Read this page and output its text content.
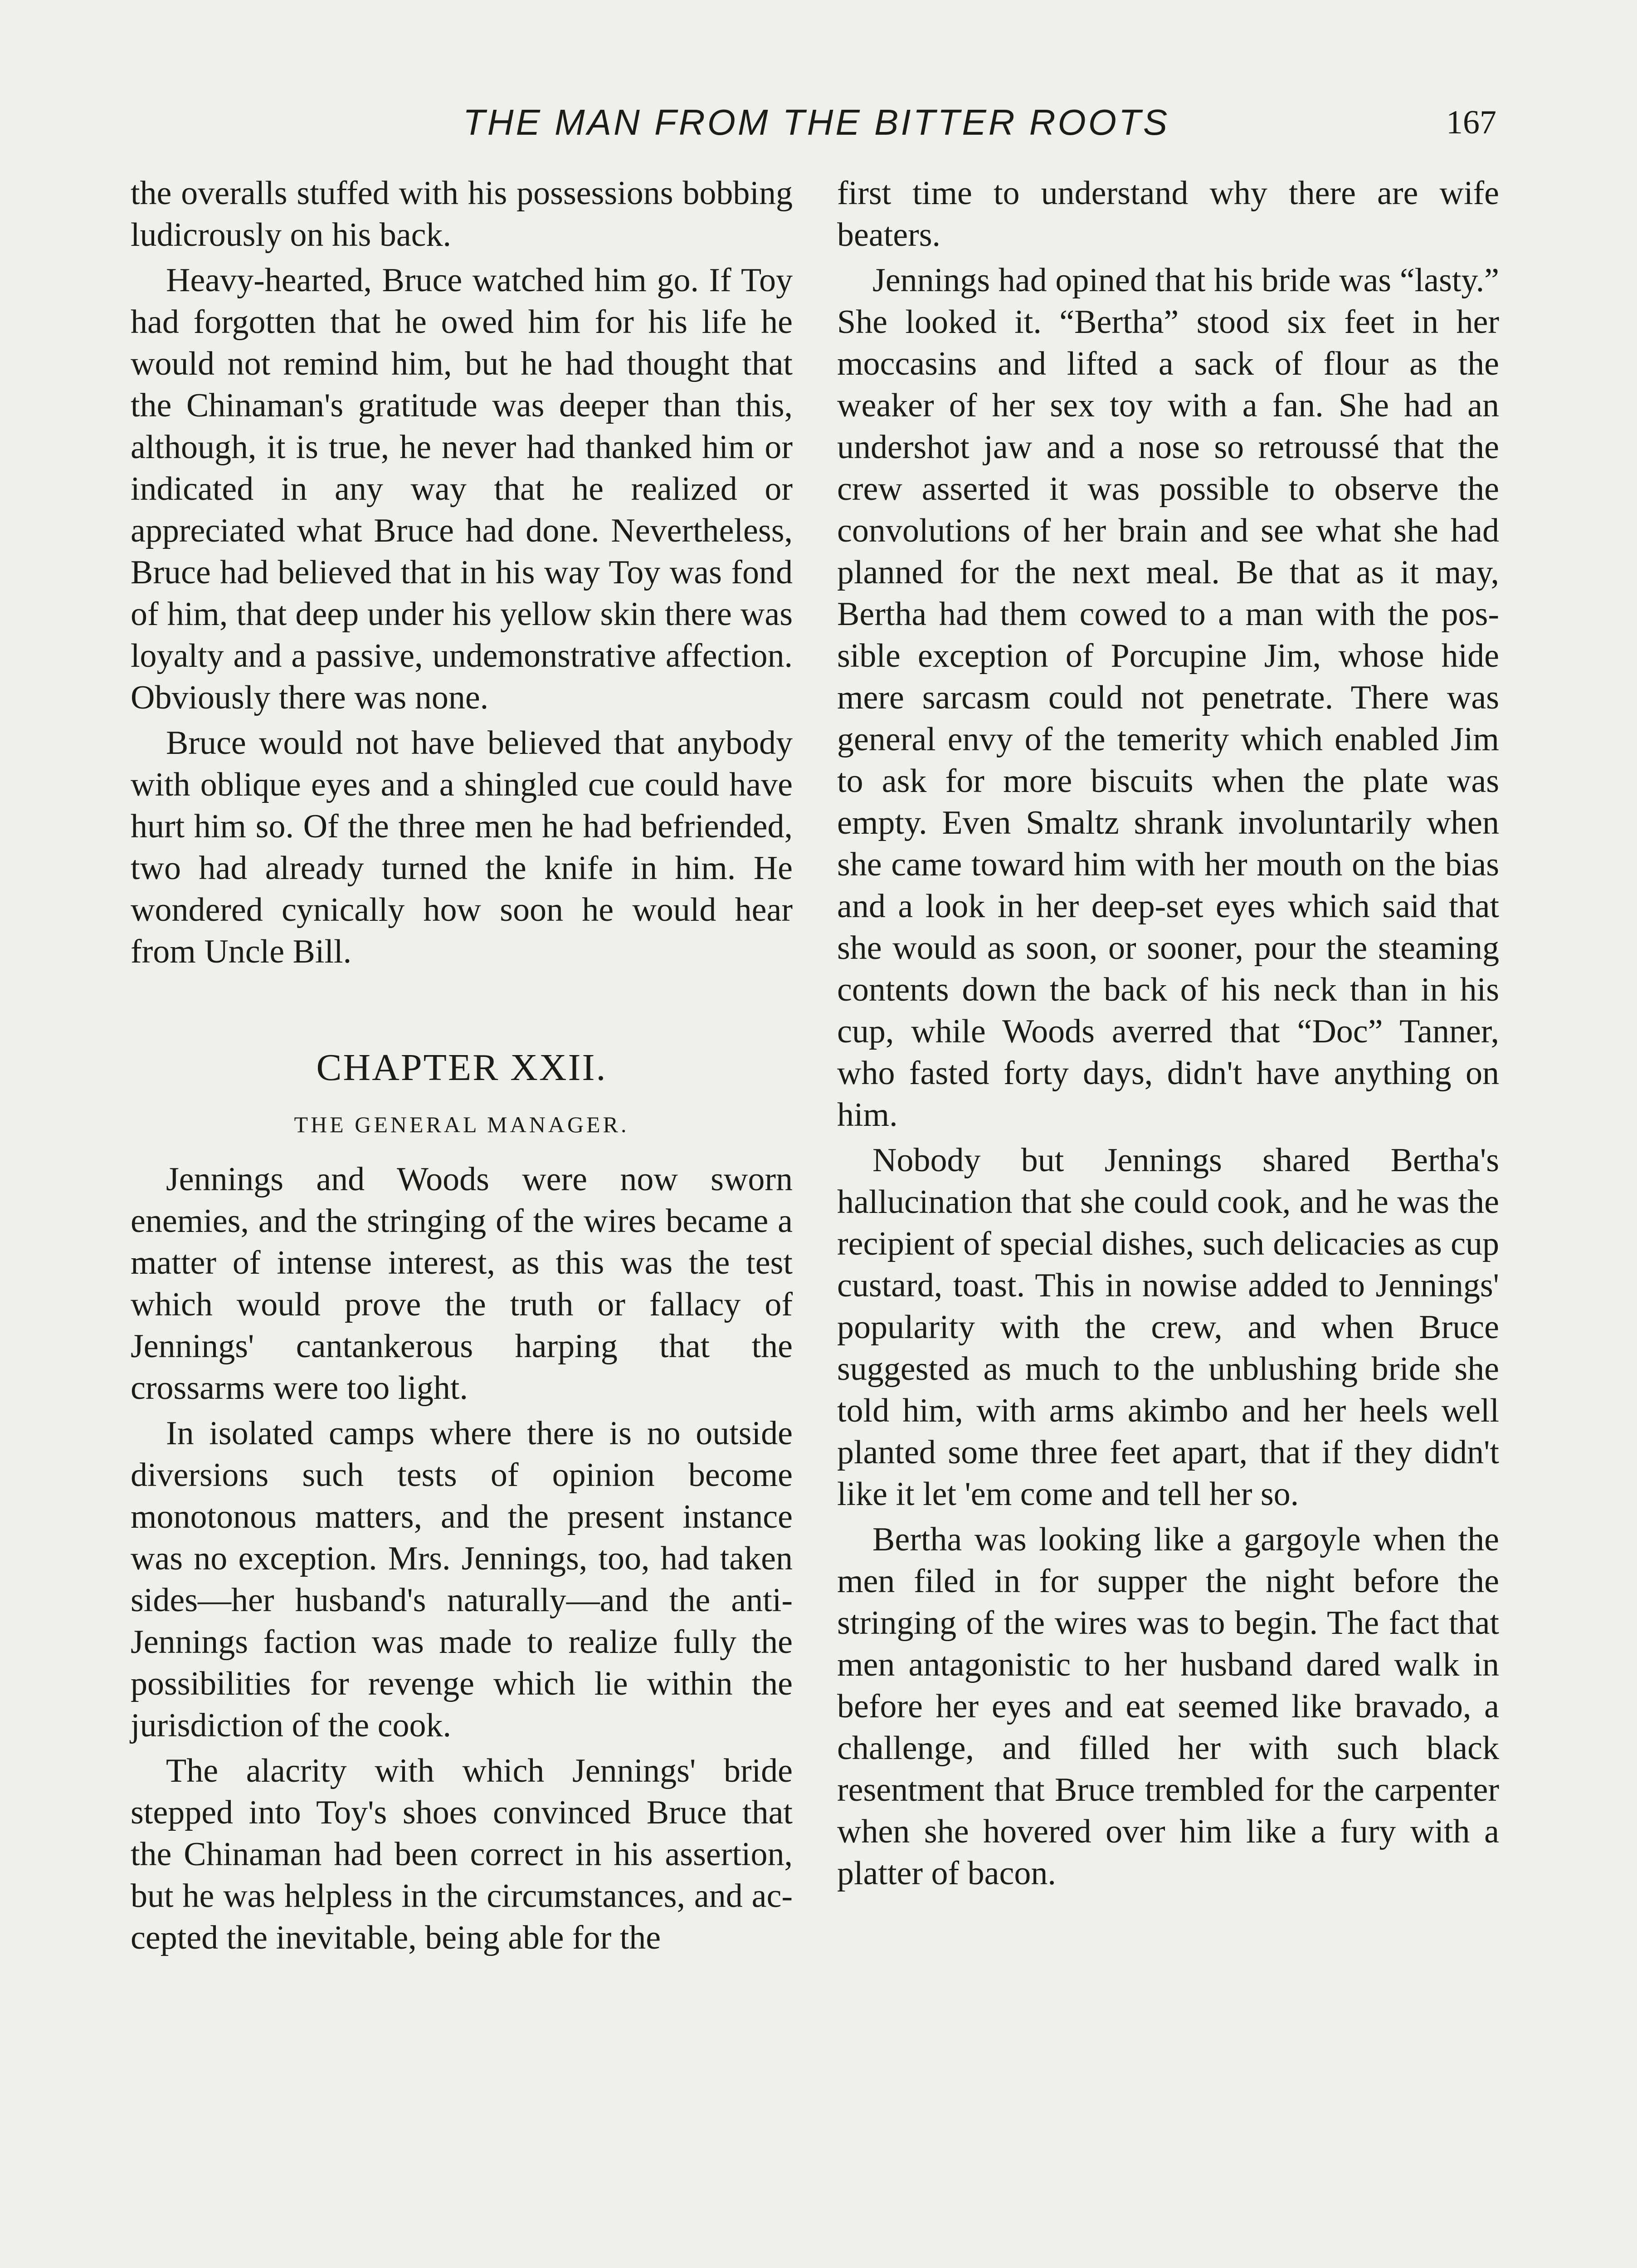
THE MAN FROM THE BITTER ROOTS	167

the overalls stuffed with his possessions bobbing ludicrously on his back.

Heavy-hearted, Bruce watched him go. If Toy had forgotten that he owed him for his life he would not remind him, but he had thought that the Chinaman's gratitude was deeper than this, although, it is true, he never had thanked him or indicated in any way that he realized or appreciated what Bruce had done. Nevertheless, Bruce had believed that in his way Toy was fond of him, that deep under his yellow skin there was loyalty and a passive, undemonstrative affection. Obviously there was none.

Bruce would not have believed that anybody with oblique eyes and a shingled cue could have hurt him so. Of the three men he had befriended, two had already turned the knife in him. He wondered cynically how soon he would hear from Uncle Bill.

CHAPTER XXII.
THE GENERAL MANAGER.

Jennings and Woods were now sworn enemies, and the stringing of the wires became a matter of intense interest, as this was the test which would prove the truth or fallacy of Jennings' cantankerous harping that the crossarms were too light.

In isolated camps where there is no outside diversions such tests of opinion become monotonous matters, and the present instance was no exception. Mrs. Jennings, too, had taken sides—her husband's naturally—and the anti-Jennings faction was made to realize fully the possibilities for revenge which lie within the jurisdiction of the cook.

The alacrity with which Jennings' bride stepped into Toy's shoes convinced Bruce that the Chinaman had been correct in his assertion, but he was helpless in the circumstances, and accepted the inevitable, being able for the

first time to understand why there are wife beaters.

Jennings had opined that his bride was “lasty.” She looked it. “Bertha” stood six feet in her moccasins and lifted a sack of flour as the weaker of her sex toy with a fan. She had an undershot jaw and a nose so retroussé that the crew asserted it was possible to observe the convolutions of her brain and see what she had planned for the next meal. Be that as it may, Bertha had them cowed to a man with the possible exception of Porcupine Jim, whose hide mere sarcasm could not penetrate. There was general envy of the temerity which enabled Jim to ask for more biscuits when the plate was empty. Even Smaltz shrank involuntarily when she came toward him with her mouth on the bias and a look in her deep-set eyes which said that she would as soon, or sooner, pour the steaming contents down the back of his neck than in his cup, while Woods averred that “Doc” Tanner, who fasted forty days, didn't have anything on him.

Nobody but Jennings shared Bertha's hallucination that she could cook, and he was the recipient of special dishes, such delicacies as cup custard, toast. This in nowise added to Jennings' popularity with the crew, and when Bruce suggested as much to the unblushing bride she told him, with arms akimbo and her heels well planted some three feet apart, that if they didn't like it let 'em come and tell her so.

Bertha was looking like a gargoyle when the men filed in for supper the night before the stringing of the wires was to begin. The fact that men antagonistic to her husband dared walk in before her eyes and eat seemed like bravado, a challenge, and filled her with such black resentment that Bruce trembled for the carpenter when she hovered over him like a fury with a platter of bacon.
